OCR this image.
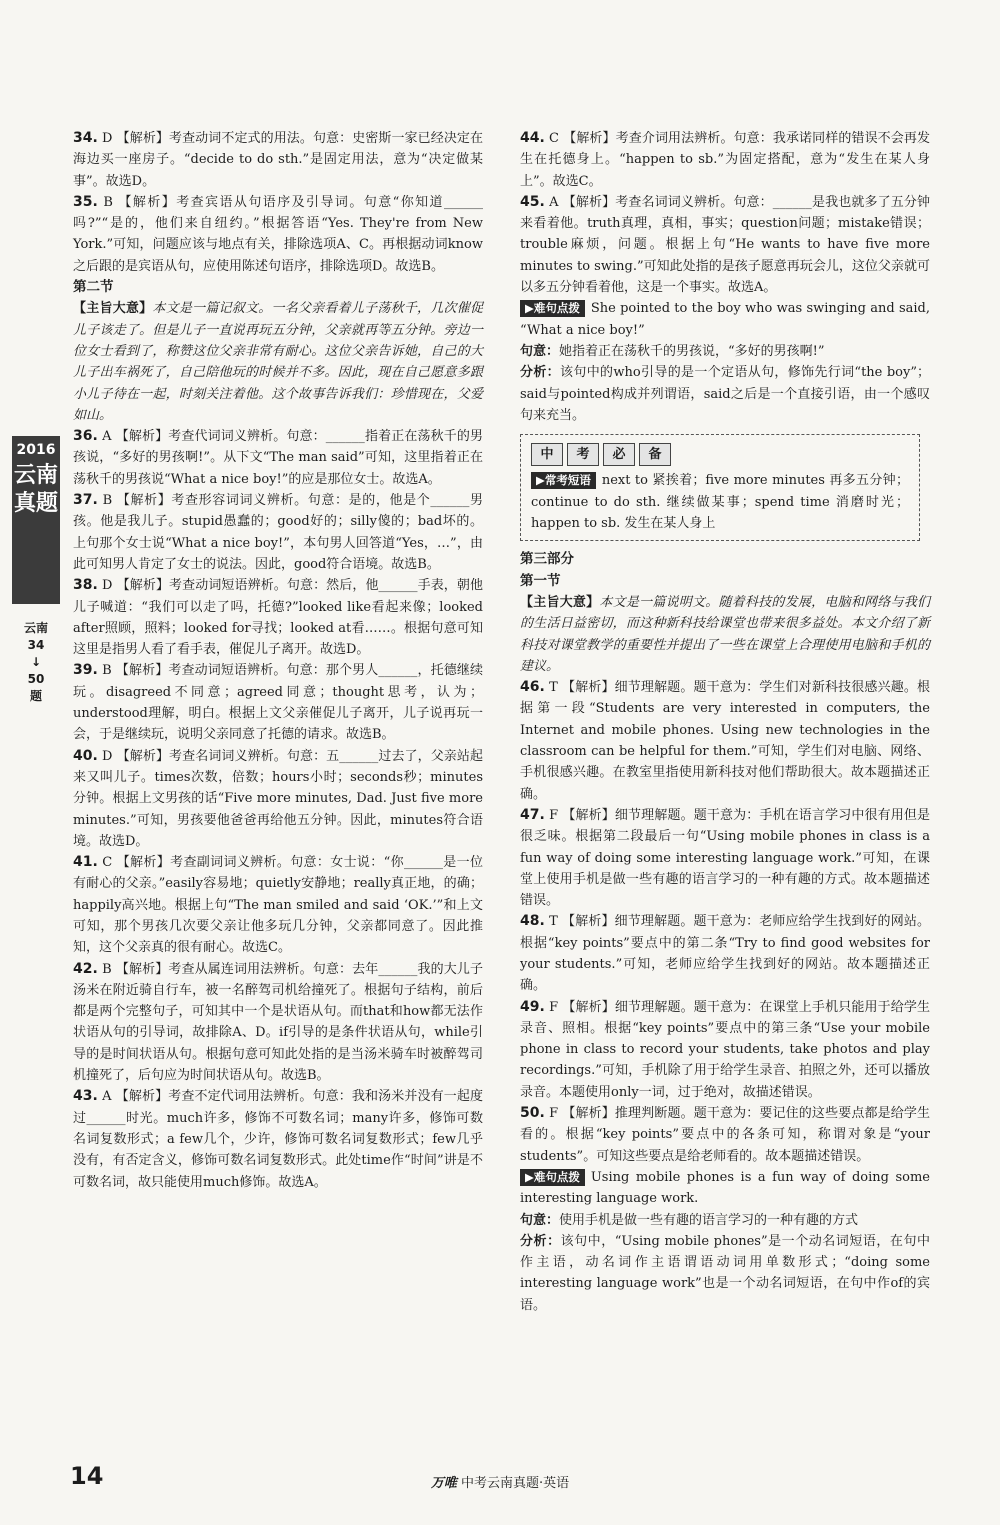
2016
云南真题
云南
34
↓
50
题

34. D 【解析】考查动词不定式的用法。句意：史密斯一家已经决定在海边买一座房子。“decide to do sth.”是固定用法，意为“决定做某事”。故选D。

35. B 【解析】考查宾语从句语序及引导词。句意“你知道______吗?”“是的，他们来自纽约。”根据答语“Yes. They're from New York.”可知，问题应该与地点有关，排除选项A、C。再根据动词know之后跟的是宾语从句，应使用陈述句语序，排除选项D。故选B。

第二节

【主旨大意】本文是一篇记叙文。一名父亲看着儿子荡秋千，几次催促儿子该走了。但是儿子一直说再玩五分钟，父亲就再等五分钟。旁边一位女士看到了，称赞这位父亲非常有耐心。这位父亲告诉她，自己的大儿子出车祸死了，自己陪他玩的时候并不多。因此，现在自己愿意多跟小儿子待在一起，时刻关注着他。这个故事告诉我们：珍惜现在，父爱如山。

36. A 【解析】考查代词词义辨析。句意：______指着正在荡秋千的男孩说，“多好的男孩啊!”。从下文“The man said”可知，这里指着正在荡秋千的男孩说“What a nice boy!”的应是那位女士。故选A。

37. B 【解析】考查形容词词义辨析。句意：是的，他是个______男孩。他是我儿子。stupid愚蠢的；good好的；silly傻的；bad坏的。上句那个女士说“What a nice boy!”，本句男人回答道“Yes，…”，由此可知男人肯定了女士的说法。因此，good符合语境。故选B。

38. D 【解析】考查动词短语辨析。句意：然后，他______手表，朝他儿子喊道：“我们可以走了吗，托德?”looked like看起来像；looked after照顾，照料；looked for寻找；looked at看……。根据句意可知这里是指男人看了看手表，催促儿子离开。故选D。

39. B 【解析】考查动词短语辨析。句意：那个男人______，托德继续玩。disagreed不同意；agreed同意；thought思考，认为；understood理解，明白。根据上文父亲催促儿子离开，儿子说再玩一会，于是继续玩，说明父亲同意了托德的请求。故选B。

40. D 【解析】考查名词词义辨析。句意：五______过去了，父亲站起来又叫儿子。times次数，倍数；hours小时；seconds秒；minutes分钟。根据上文男孩的话“Five more minutes, Dad. Just five more minutes.”可知，男孩要他爸爸再给他五分钟。因此，minutes符合语境。故选D。

41. C 【解析】考查副词词义辨析。句意：女士说：“你______是一位有耐心的父亲。”easily容易地；quietly安静地；really真正地，的确；happily高兴地。根据上句“The man smiled and said ‘OK.’”和上文可知，那个男孩几次要父亲让他多玩几分钟，父亲都同意了。因此推知，这个父亲真的很有耐心。故选C。

42. B 【解析】考查从属连词用法辨析。句意：去年______我的大儿子汤米在附近骑自行车，被一名醉驾司机给撞死了。根据句子结构，前后都是两个完整句子，可知其中一个是状语从句。而that和how都无法作状语从句的引导词，故排除A、D。if引导的是条件状语从句，while引导的是时间状语从句。根据句意可知此处指的是当汤米骑车时被醉驾司机撞死了，后句应为时间状语从句。故选B。

43. A 【解析】考查不定代词用法辨析。句意：我和汤米并没有一起度过______时光。much许多，修饰不可数名词；many许多，修饰可数名词复数形式；a few几个，少许，修饰可数名词复数形式；few几乎没有，有否定含义，修饰可数名词复数形式。此处time作“时间”讲是不可数名词，故只能使用much修饰。故选A。

44. C 【解析】考查介词用法辨析。句意：我承诺同样的错误不会再发生在托德身上。“happen to sb.”为固定搭配，意为“发生在某人身上”。故选C。

45. A 【解析】考查名词词义辨析。句意：______是我也就多了五分钟来看着他。truth真理，真相，事实；question问题；mistake错误；trouble麻烦，问题。根据上句“He wants to have five more minutes to swing.”可知此处指的是孩子愿意再玩会儿，这位父亲就可以多五分钟看着他，这是一个事实。故选A。

▶难句点拨 She pointed to the boy who was swinging and said, “What a nice boy!”

句意：她指着正在荡秋千的男孩说，“多好的男孩啊!”

分析：该句中的who引导的是一个定语从句，修饰先行词“the boy”；said与pointed构成并列谓语，said之后是一个直接引语，由一个感叹句来充当。

中	考	必	备

▶常考短语 next to 紧挨着；five more minutes 再多五分钟；continue to do sth. 继续做某事；spend time 消磨时光；happen to sb. 发生在某人身上

第三部分

第一节

【主旨大意】本文是一篇说明文。随着科技的发展，电脑和网络与我们的生活日益密切，而这种新科技给课堂也带来很多益处。本文介绍了新科技对课堂教学的重要性并提出了一些在课堂上合理使用电脑和手机的建议。

46. T 【解析】细节理解题。题干意为：学生们对新科技很感兴趣。根据第一段“Students are very interested in computers, the Internet and mobile phones. Using new technologies in the classroom can be helpful for them.”可知，学生们对电脑、网络、手机很感兴趣。在教室里指使用新科技对他们帮助很大。故本题描述正确。

47. F 【解析】细节理解题。题干意为：手机在语言学习中很有用但是很乏味。根据第二段最后一句“Using mobile phones in class is a fun way of doing some interesting language work.”可知，在课堂上使用手机是做一些有趣的语言学习的一种有趣的方式。故本题描述错误。

48. T 【解析】细节理解题。题干意为：老师应给学生找到好的网站。根据“key points”要点中的第二条“Try to find good websites for your students.”可知，老师应给学生找到好的网站。故本题描述正确。

49. F 【解析】细节理解题。题干意为：在课堂上手机只能用于给学生录音、照相。根据“key points”要点中的第三条“Use your mobile phone in class to record your students, take photos and play recordings.”可知，手机除了用于给学生录音、拍照之外，还可以播放录音。本题使用only一词，过于绝对，故描述错误。

50. F 【解析】推理判断题。题干意为：要记住的这些要点都是给学生看的。根据“key points”要点中的各条可知，称谓对象是“your students”。可知这些要点是给老师看的。故本题描述错误。

▶难句点拨 Using mobile phones is a fun way of doing some interesting language work.

句意：使用手机是做一些有趣的语言学习的一种有趣的方式

分析：该句中，“Using mobile phones”是一个动名词短语，在句中作主语，动名词作主语谓语动词用单数形式；“doing some interesting language work”也是一个动名词短语，在句中作of的宾语。

14	万唯 中考云南真题·英语
